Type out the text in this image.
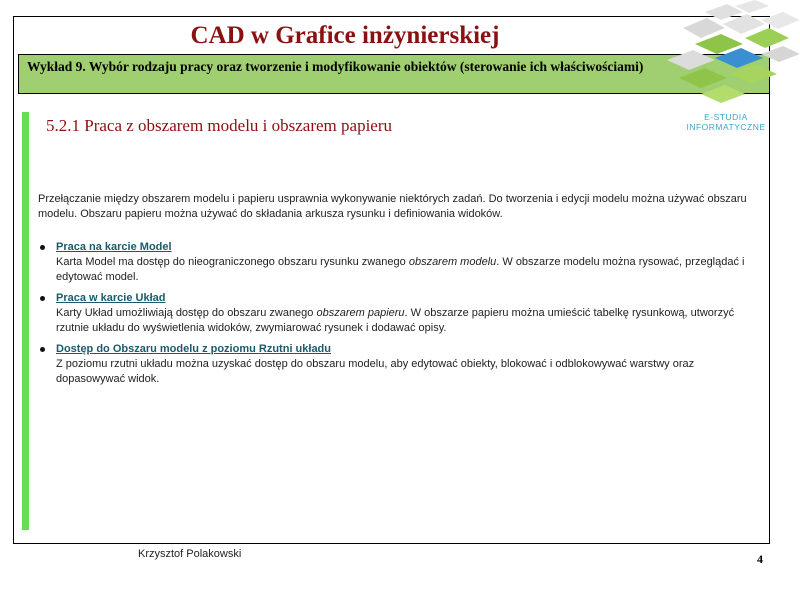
CAD w Grafice inżynierskiej
Wykład 9. Wybór rodzaju pracy oraz tworzenie i modyfikowanie obiektów (sterowanie ich właściwościami)
E-STUDIA
INFORMATYCZNE
5.2.1 Praca z obszarem modelu i obszarem papieru
Przełączanie między obszarem modelu i papieru usprawnia wykonywanie niektórych zadań. Do tworzenia i edycji modelu można używać obszaru modelu. Obszaru papieru można używać do składania arkusza rysunku i definiowania widoków.
Praca na karcie Model
Karta Model ma dostęp do nieograniczonego obszaru rysunku zwanego obszarem modelu. W obszarze modelu można rysować, przeglądać i edytować model.
Praca w karcie Układ
Karty Układ umożliwiają dostęp do obszaru zwanego obszarem papieru. W obszarze papieru można umieścić tabelkę rysunkową, utworzyć rzutnie układu do wyświetlenia widoków, zwymiarować rysunek i dodawać opisy.
Dostęp do Obszaru modelu z poziomu Rzutni układu
Z poziomu rzutni układu można uzyskać dostęp do obszaru modelu, aby edytować obiekty, blokować i odblokowywać warstwy oraz dopasowywać widok.
Krzysztof Polakowski	4
